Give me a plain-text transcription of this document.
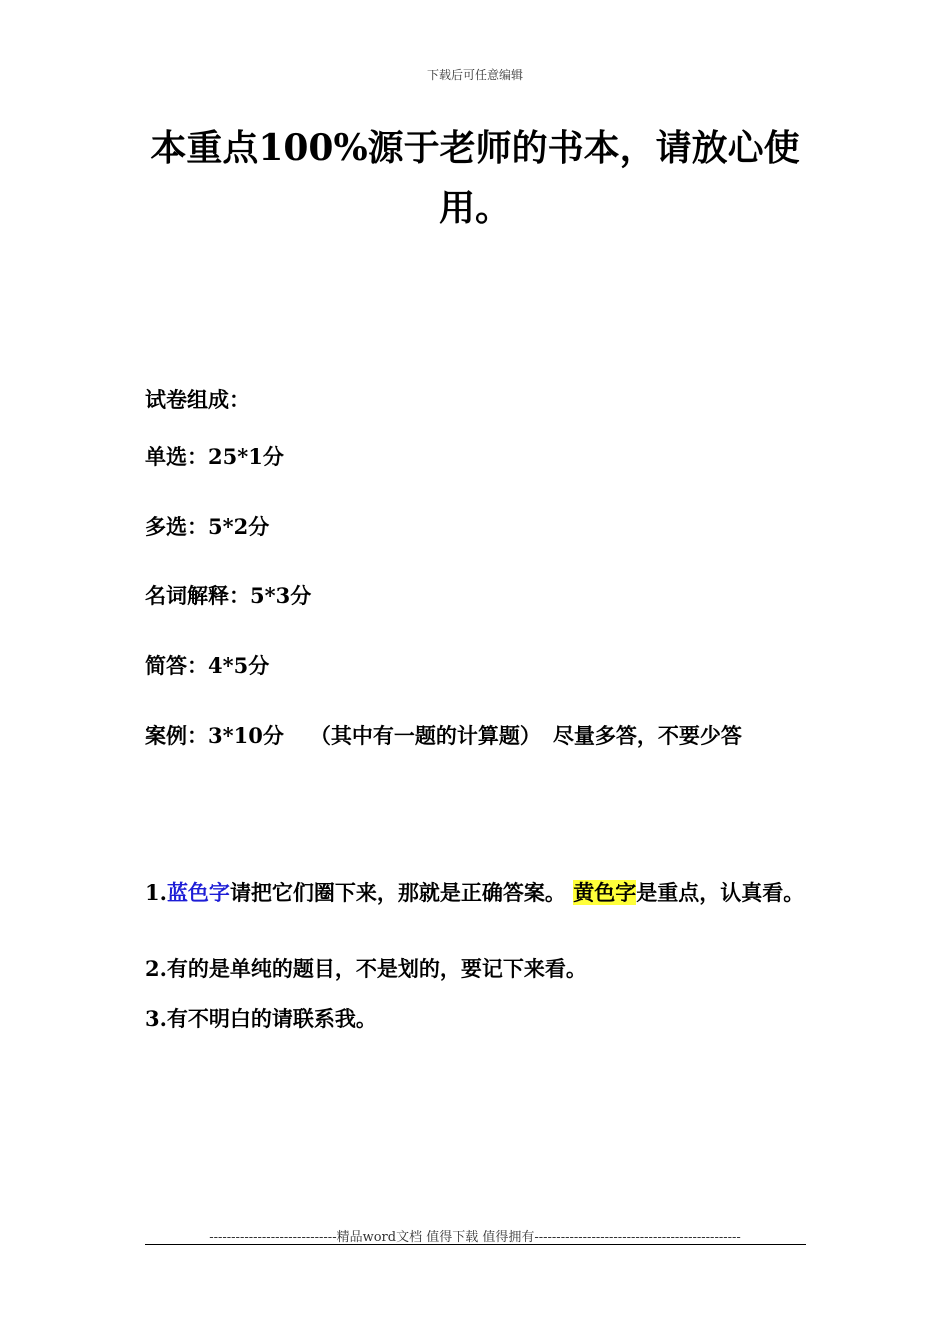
下载后可任意编辑
本重点100%源于老师的书本，请放心使用。
试卷组成：
单选：25*1分
多选：5*2分
名词解释：5*3分
简答：4*5分
案例：3*10分 （其中有一题的计算题） 尽量多答，不要少答

1.蓝色字请把它们圈下来，那就是正确答案。 黄色字是重点，认真看。

2.有的是单纯的题目，不是划的，要记下来看。

3.有不明白的请联系我。

-----------------------------精品word文档 值得下载 值得拥有-----------------------------------------------
